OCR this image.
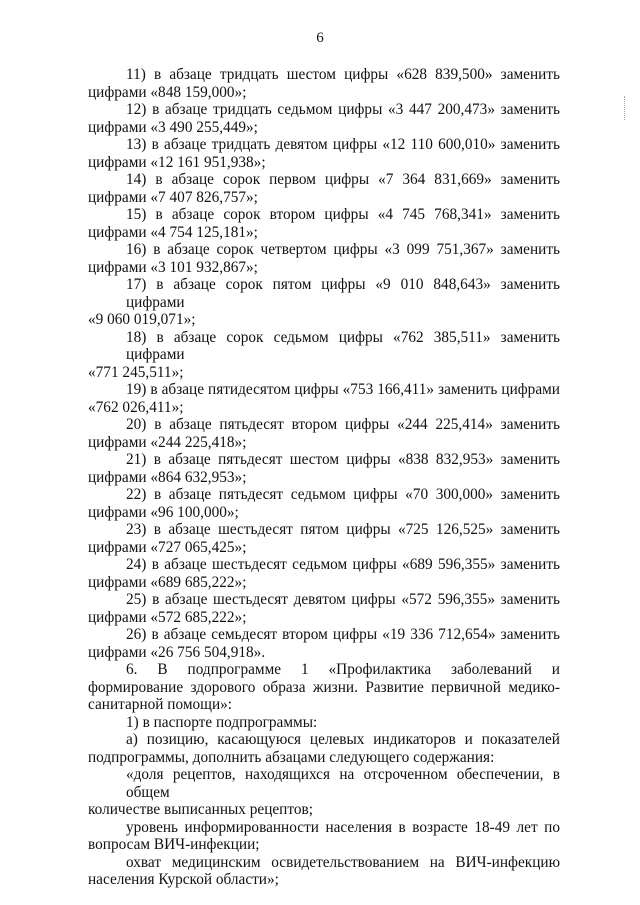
6
11) в абзаце тридцать шестом цифры «628 839,500» заменить
цифрами «848 159,000»;
12) в абзаце тридцать седьмом цифры «3 447 200,473» заменить
цифрами «3 490 255,449»;
13) в абзаце тридцать девятом цифры «12 110 600,010» заменить
цифрами «12 161 951,938»;
14) в абзаце сорок первом цифры «7 364 831,669» заменить
цифрами «7 407 826,757»;
15) в абзаце сорок втором цифры «4 745 768,341» заменить
цифрами «4 754 125,181»;
16) в абзаце сорок четвертом цифры «3 099 751,367» заменить
цифрами «3 101 932,867»;
17) в абзаце сорок пятом цифры «9 010 848,643» заменить цифрами
«9 060 019,071»;
18) в абзаце сорок седьмом цифры «762 385,511» заменить цифрами
«771 245,511»;
19) в абзаце пятидесятом цифры «753 166,411» заменить цифрами
«762 026,411»;
20) в абзаце пятьдесят втором цифры «244 225,414» заменить
цифрами «244 225,418»;
21) в абзаце пятьдесят шестом цифры «838 832,953» заменить
цифрами «864 632,953»;
22) в абзаце пятьдесят седьмом цифры «70 300,000» заменить
цифрами «96 100,000»;
23) в абзаце шестьдесят пятом цифры «725 126,525» заменить
цифрами «727 065,425»;
24) в абзаце шестьдесят седьмом цифры «689 596,355» заменить
цифрами «689 685,222»;
25) в абзаце шестьдесят девятом цифры «572 596,355» заменить
цифрами «572 685,222»;
26) в абзаце семьдесят втором цифры «19 336 712,654» заменить
цифрами «26 756 504,918».

6. В подпрограмме 1 «Профилактика заболеваний и формирование здорового образа жизни. Развитие первичной медико-санитарной помощи»:

1) в паспорте подпрограммы:

а) позицию, касающуюся целевых индикаторов и показателей подпрограммы, дополнить абзацами следующего содержания:

«доля рецептов, находящихся на отсроченном обеспечении, в общем
количестве выписанных рецептов;
уровень информированности населения в возрасте 18-49 лет по
вопросам ВИЧ-инфекции;
охват медицинским освидетельствованием на ВИЧ-инфекцию
населения Курской области»;
